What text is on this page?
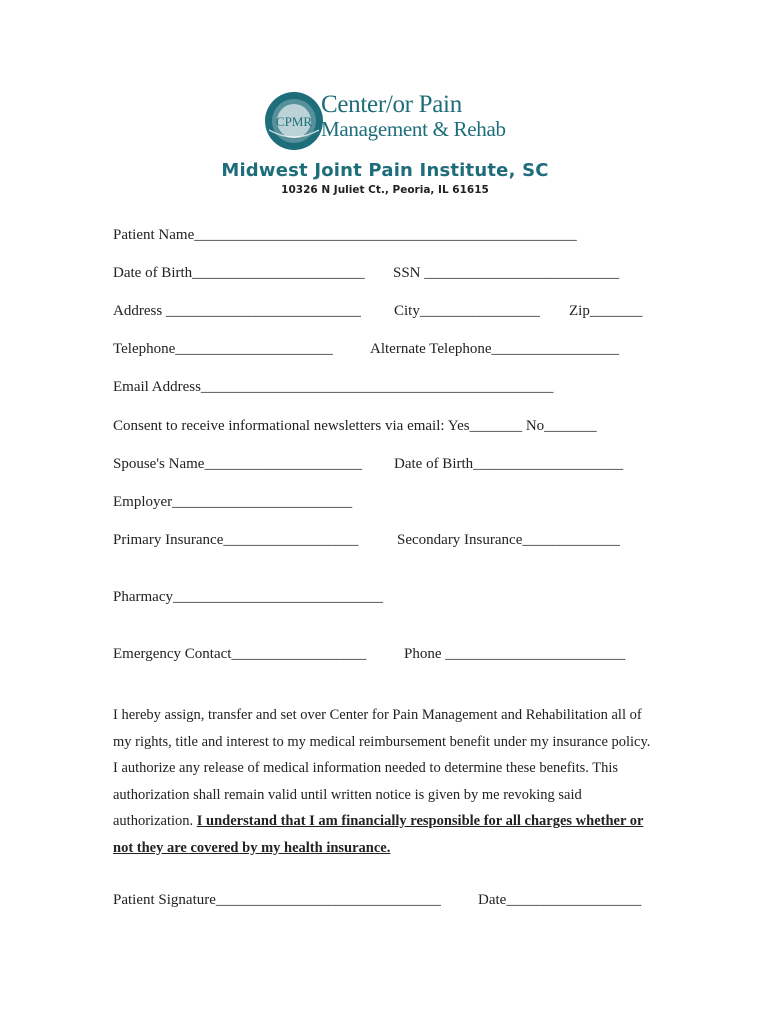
CPMR
Center/or Pain
Management & Rehab
Midwest Joint Pain Institute, SC
10326 N Juliet Ct., Peoria, IL 61615
Patient Name___________________________________________________
Date of Birth_______________________ SSN __________________________
Address __________________________ City________________ Zip_______
Telephone_____________________ Alternate Telephone_________________
Email Address_______________________________________________
Consent to receive informational newsletters via email: Yes_______ No_______
Spouse's Name_____________________ Date of Birth____________________
Employer________________________
Primary Insurance__________________	Secondary Insurance_____________
Pharmacy____________________________
Emergency Contact__________________	Phone ________________________
I hereby assign, transfer and set over Center for Pain Management and Rehabilitation all of my rights, title and interest to my medical reimbursement benefit under my insurance policy. I authorize any release of medical information needed to determine these benefits. This authorization shall remain valid until written notice is given by me revoking said authorization. I understand that I am financially responsible for all charges whether or not they are covered by my health insurance.
Patient Signature______________________________ Date__________________
